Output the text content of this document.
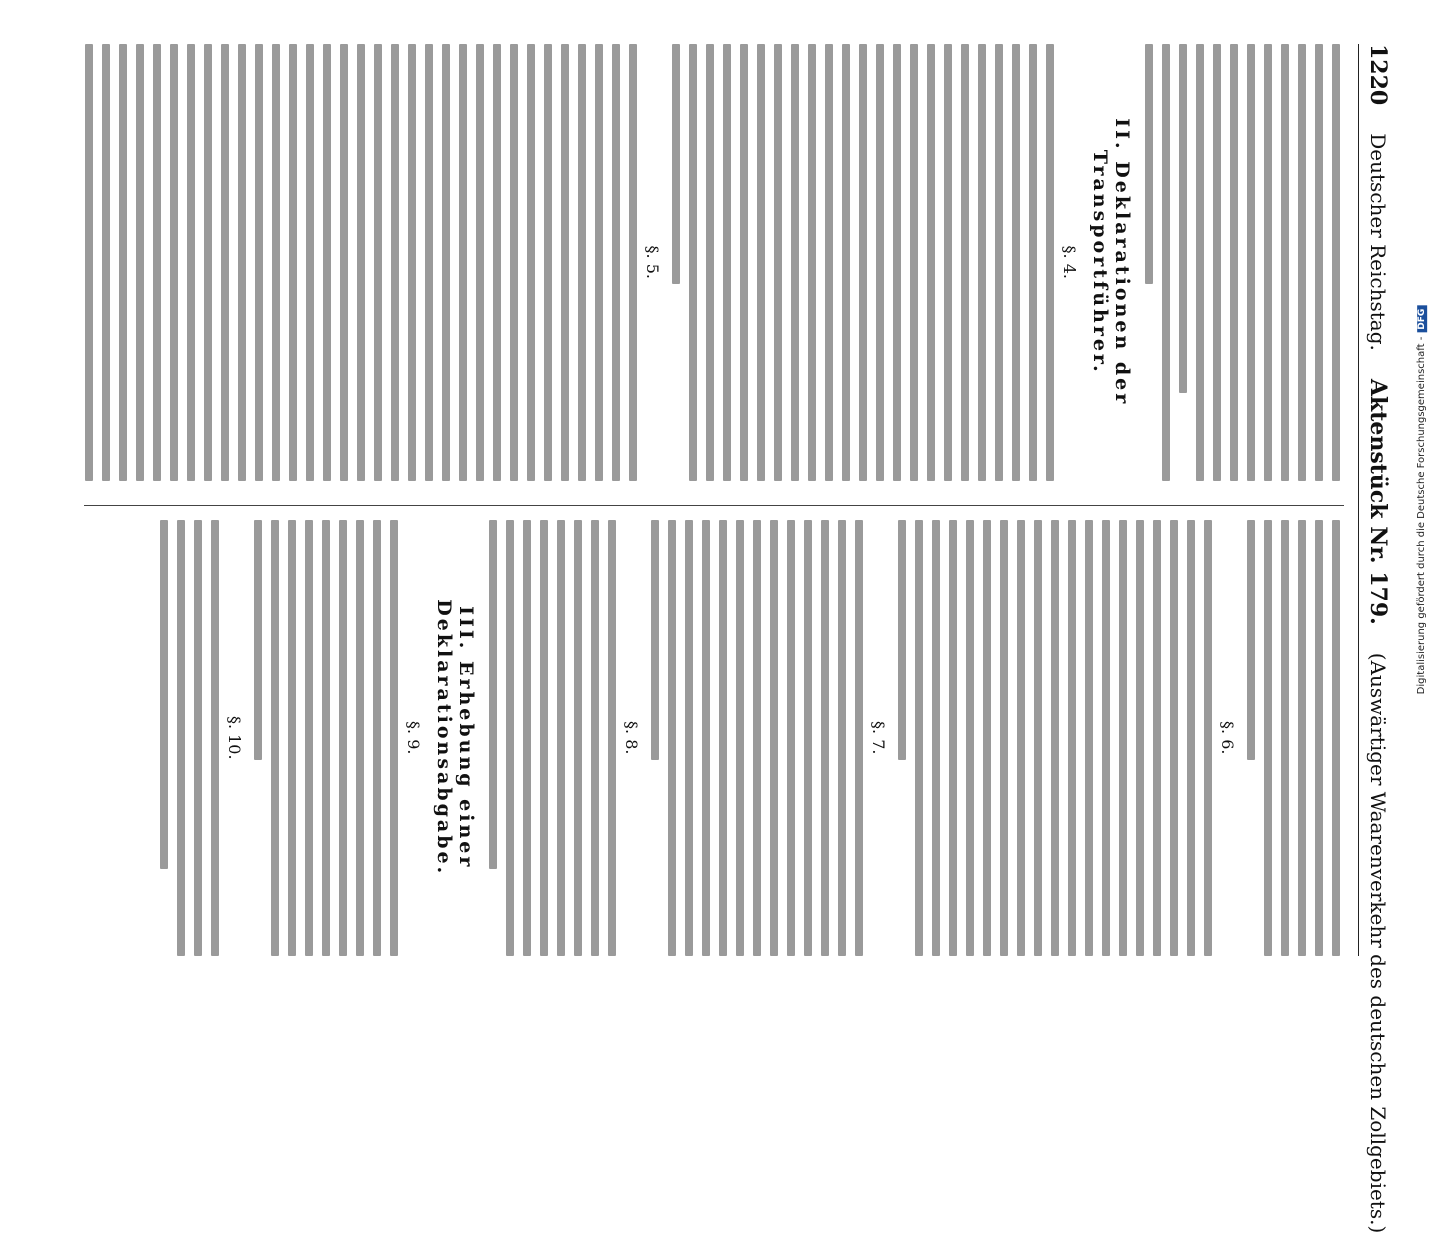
1220
Deutscher Reichstag.
Aktenstück Nr. 179.
(Auswärtiger Waarenverkehr des deutschen Zollgebiets.)
II. Deklarationen der Transportführer.
§. 4.
§. 5.
§. 6.
§. 7.
§. 8.
III. Erhebung einer Deklarationsabgabe.
§. 9.
§. 10.
Digitalisierung gefördert durch die Deutsche Forschungsgemeinschaft -DFG
